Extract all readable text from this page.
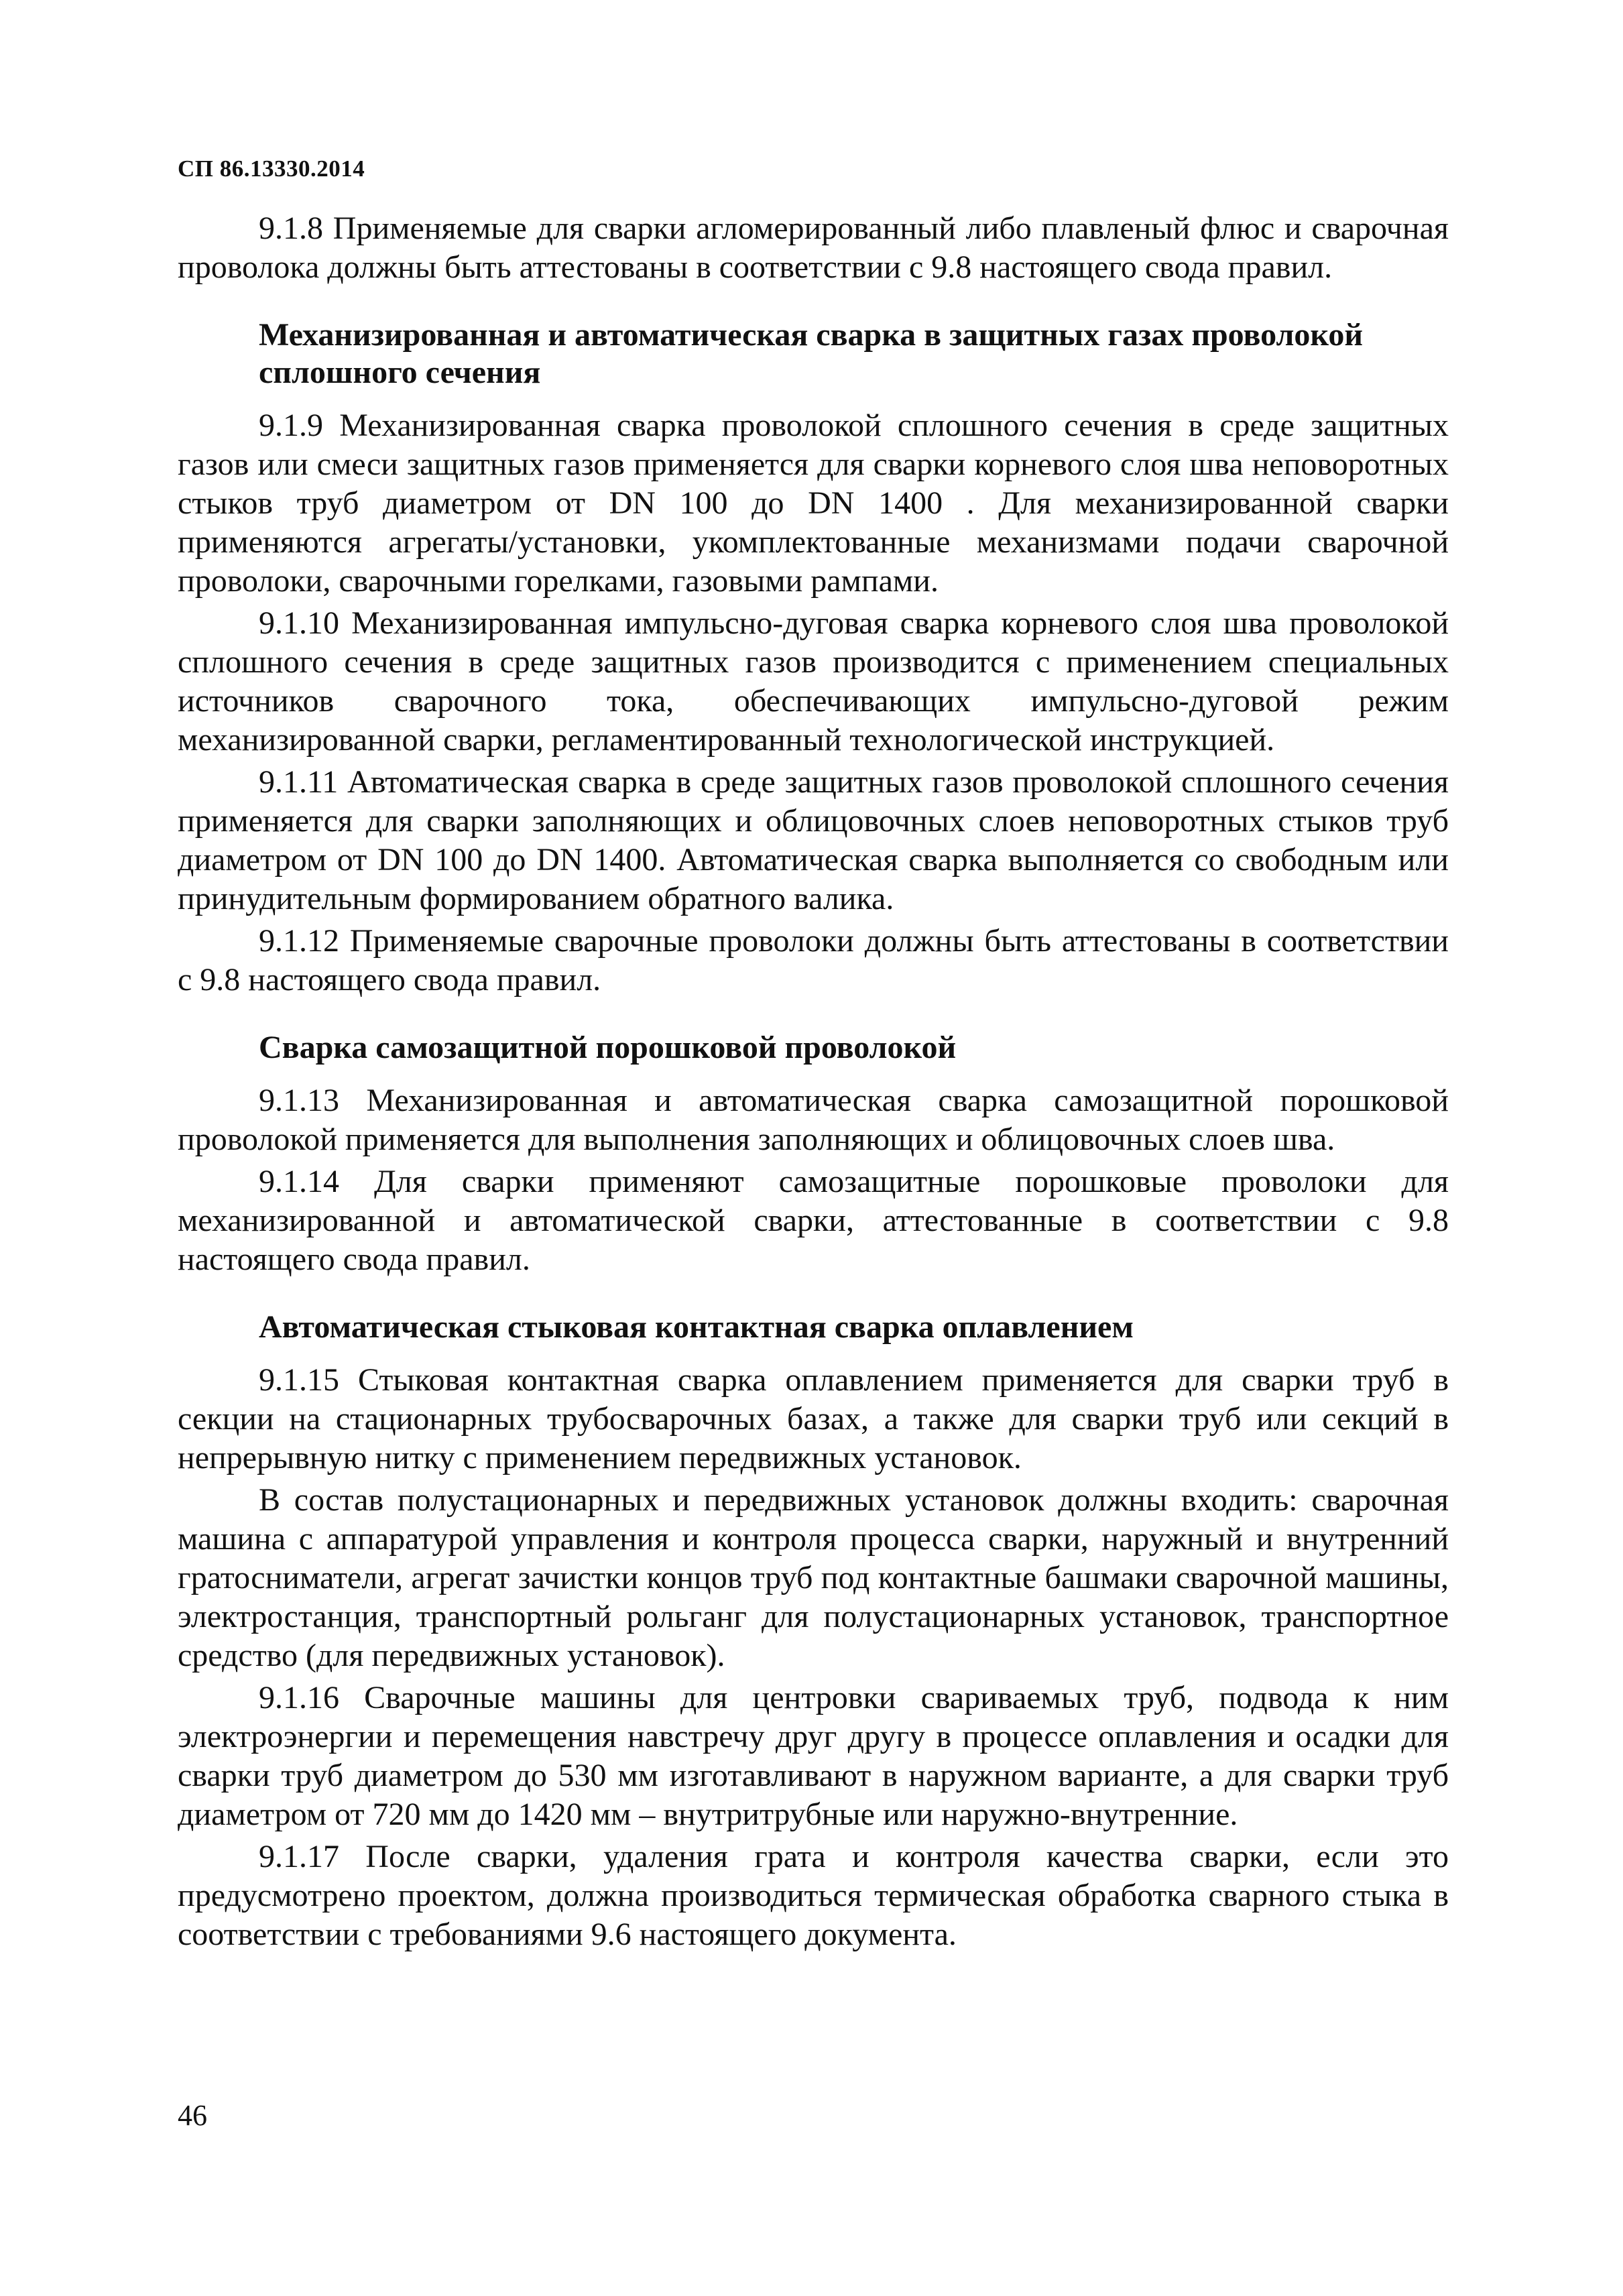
СП 86.13330.2014

9.1.8 Применяемые для сварки агломерированный либо плавленый флюс и сварочная проволока должны быть аттестованы в соответствии с 9.8 настоящего свода правил.

Механизированная и автоматическая сварка в защитных газах проволокой сплошного сечения

9.1.9 Механизированная сварка проволокой сплошного сечения в среде защитных газов или смеси защитных газов применяется для сварки корневого слоя шва неповоротных стыков труб диаметром от DN 100 до DN 1400 . Для механизированной сварки применяются агрегаты/установки, укомплектованные механизмами подачи сварочной проволоки, сварочными горелками, газовыми рампами.

9.1.10 Механизированная импульсно-дуговая сварка корневого слоя шва проволокой сплошного сечения в среде защитных газов производится с применением специальных источников сварочного тока, обеспечивающих импульсно-дуговой режим механизированной сварки, регламентированный технологической инструкцией.

9.1.11 Автоматическая сварка в среде защитных газов проволокой сплошного сечения применяется для сварки заполняющих и облицовочных слоев неповоротных стыков труб диаметром от DN 100 до DN 1400. Автоматическая сварка выполняется со свободным или принудительным формированием обратного валика.

9.1.12 Применяемые сварочные проволоки должны быть аттестованы в соответствии с 9.8 настоящего свода правил.

Сварка самозащитной порошковой проволокой

9.1.13 Механизированная и автоматическая сварка самозащитной порошковой проволокой применяется для выполнения заполняющих и облицовочных слоев шва.

9.1.14 Для сварки применяют самозащитные порошковые проволоки для механизированной и автоматической сварки, аттестованные в соответствии с 9.8 настоящего свода правил.

Автоматическая стыковая контактная сварка оплавлением

9.1.15 Стыковая контактная сварка оплавлением применяется для сварки труб в секции на стационарных трубосварочных базах, а также для сварки труб или секций в непрерывную нитку с применением передвижных установок.

В состав полустационарных и передвижных установок должны входить: сварочная машина с аппаратурой управления и контроля процесса сварки, наружный и внутренний гратосниматели, агрегат зачистки концов труб под контактные башмаки сварочной машины, электростанция, транспортный рольганг для полустационарных установок, транспортное средство (для передвижных установок).

9.1.16 Сварочные машины для центровки свариваемых труб, подвода к ним электроэнергии и перемещения навстречу друг другу в процессе оплавления и осадки для сварки труб диаметром до 530 мм изготавливают в наружном варианте, а для сварки труб диаметром от 720 мм до 1420 мм – внутритрубные или наружно-внутренние.

9.1.17 После сварки, удаления грата и контроля качества сварки, если это предусмотрено проектом, должна производиться термическая обработка сварного стыка в соответствии с требованиями 9.6 настоящего документа.

46
